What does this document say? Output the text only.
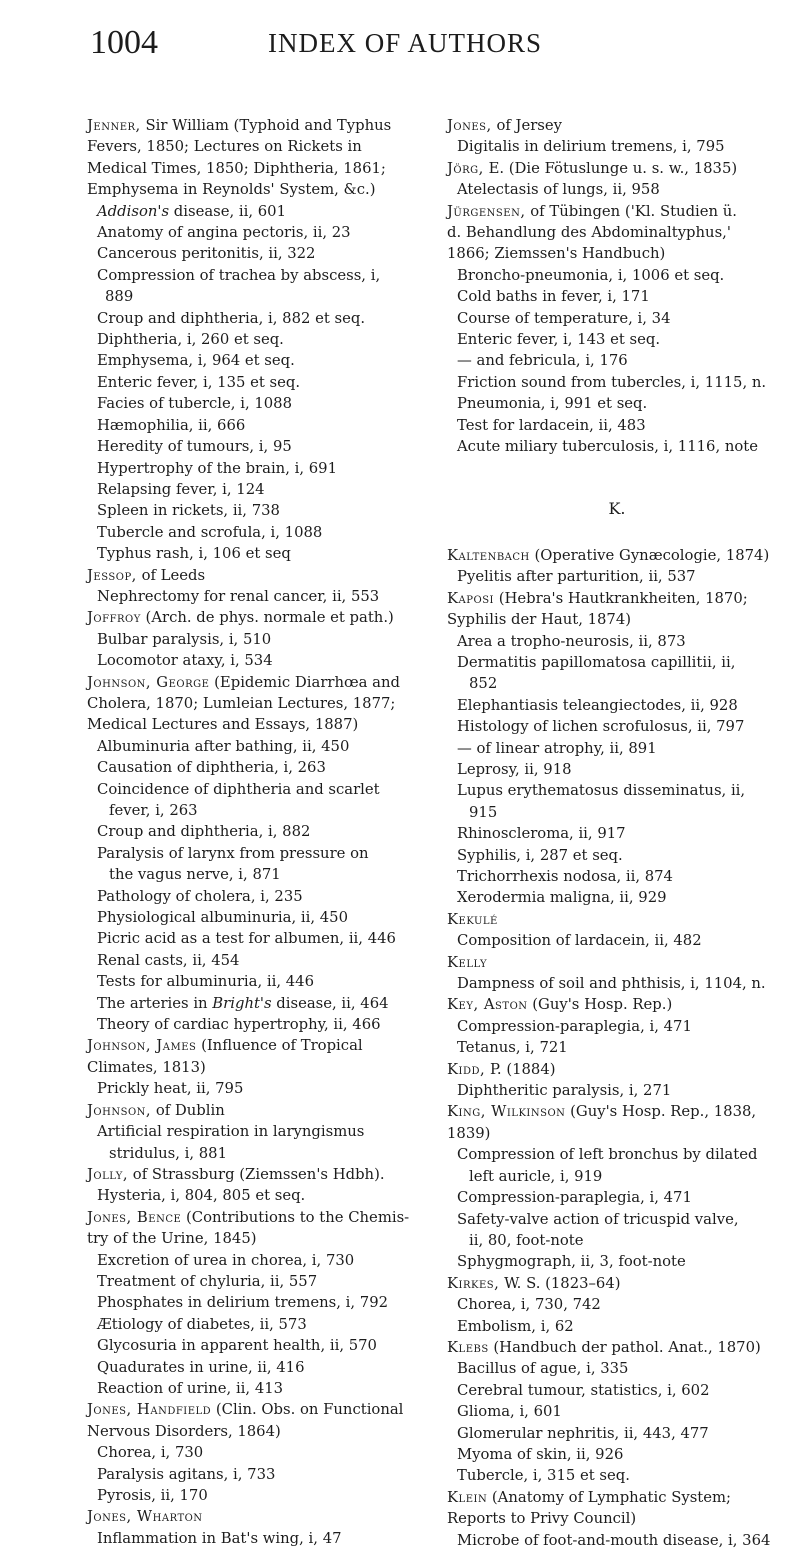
1004	INDEX OF AUTHORS
Jenner, Sir William (Typhoid and Typhus
Fevers, 1850; Lectures on Rickets in
Medical Times, 1850; Diphtheria, 1861;
Emphysema in Reynolds' System, &c.)
Addison's disease, ii, 601
Anatomy of angina pectoris, ii, 23
Cancerous peritonitis, ii, 322
Compression of trachea by abscess, i, 889
Croup and diphtheria, i, 882 et seq.
Diphtheria, i, 260 et seq.
Emphysema, i, 964 et seq.
Enteric fever, i, 135 et seq.
Facies of tubercle, i, 1088
Hæmophilia, ii, 666
Heredity of tumours, i, 95
Hypertrophy of the brain, i, 691
Relapsing fever, i, 124
Spleen in rickets, ii, 738
Tubercle and scrofula, i, 1088
Typhus rash, i, 106 et seq
Jessop, of Leeds
Nephrectomy for renal cancer, ii, 553
Joffroy (Arch. de phys. normale et path.)
Bulbar paralysis, i, 510
Locomotor ataxy, i, 534
Johnson, George (Epidemic Diarrhœa and
Cholera, 1870; Lumleian Lectures, 1877;
Medical Lectures and Essays, 1887)
Albuminuria after bathing, ii, 450
Causation of diphtheria, i, 263
Coincidence of diphtheria and scarlet
fever, i, 263
Croup and diphtheria, i, 882
Paralysis of larynx from pressure on
the vagus nerve, i, 871
Pathology of cholera, i, 235
Physiological albuminuria, ii, 450
Picric acid as a test for albumen, ii, 446
Renal casts, ii, 454
Tests for albuminuria, ii, 446
The arteries in Bright's disease, ii, 464
Theory of cardiac hypertrophy, ii, 466
Johnson, James (Influence of Tropical
Climates, 1813)
Prickly heat, ii, 795
Johnson, of Dublin
Artificial respiration in laryngismus
stridulus, i, 881
Jolly, of Strassburg (Ziemssen's Hdbh).
Hysteria, i, 804, 805 et seq.
Jones, Bence (Contributions to the Chemis-
try of the Urine, 1845)
Excretion of urea in chorea, i, 730
Treatment of chyluria, ii, 557
Phosphates in delirium tremens, i, 792
Ætiology of diabetes, ii, 573
Glycosuria in apparent health, ii, 570
Quadurates in urine, ii, 416
Reaction of urine, ii, 413
Jones, Handfield (Clin. Obs. on Functional
Nervous Disorders, 1864)
Chorea, i, 730
Paralysis agitans, i, 733
Pyrosis, ii, 170
Jones, Wharton
Inflammation in Bat's wing, i, 47
Jones, of Jersey
Digitalis in delirium tremens, i, 795
Jörg, E. (Die Fötuslunge u. s. w., 1835)
Atelectasis of lungs, ii, 958
Jürgensen, of Tübingen ('Kl. Studien ü.
d. Behandlung des Abdominaltyphus,'
1866; Ziemssen's Handbuch)
Broncho-pneumonia, i, 1006 et seq.
Cold baths in fever, i, 171
Course of temperature, i, 34
Enteric fever, i, 143 et seq.
— and febricula, i, 176
Friction sound from tubercles, i, 1115, n.
Pneumonia, i, 991 et seq.
Test for lardacein, ii, 483
Acute miliary tuberculosis, i, 1116, note
K.
Kaltenbach (Operative Gynæcologie, 1874)
Pyelitis after parturition, ii, 537
Kaposi (Hebra's Hautkrankheiten, 1870;
Syphilis der Haut, 1874)
Area a tropho-neurosis, ii, 873
Dermatitis papillomatosa capillitii, ii,
852
Elephantiasis teleangiectodes, ii, 928
Histology of lichen scrofulosus, ii, 797
— of linear atrophy, ii, 891
Leprosy, ii, 918
Lupus erythematosus disseminatus, ii,
915
Rhinoscleroma, ii, 917
Syphilis, i, 287 et seq.
Trichorrhexis nodosa, ii, 874
Xerodermia maligna, ii, 929
Kekulé
Composition of lardacein, ii, 482
Kelly
Dampness of soil and phthisis, i, 1104, n.
Key, Aston (Guy's Hosp. Rep.)
Compression-paraplegia, i, 471
Tetanus, i, 721
Kidd, P. (1884)
Diphtheritic paralysis, i, 271
King, Wilkinson (Guy's Hosp. Rep., 1838,
1839)
Compression of left bronchus by dilated
left auricle, i, 919
Compression-paraplegia, i, 471
Safety-valve action of tricuspid valve,
ii, 80, foot-note
Sphygmograph, ii, 3, foot-note
Kirkes, W. S. (1823–64)
Chorea, i, 730, 742
Embolism, i, 62
Klebs (Handbuch der pathol. Anat., 1870)
Bacillus of ague, i, 335
Cerebral tumour, statistics, i, 602
Glioma, i, 601
Glomerular nephritis, ii, 443, 477
Myoma of skin, ii, 926
Tubercle, i, 315 et seq.
Klein (Anatomy of Lymphatic System;
Reports to Privy Council)
Microbe of foot-and-mouth disease, i, 364
